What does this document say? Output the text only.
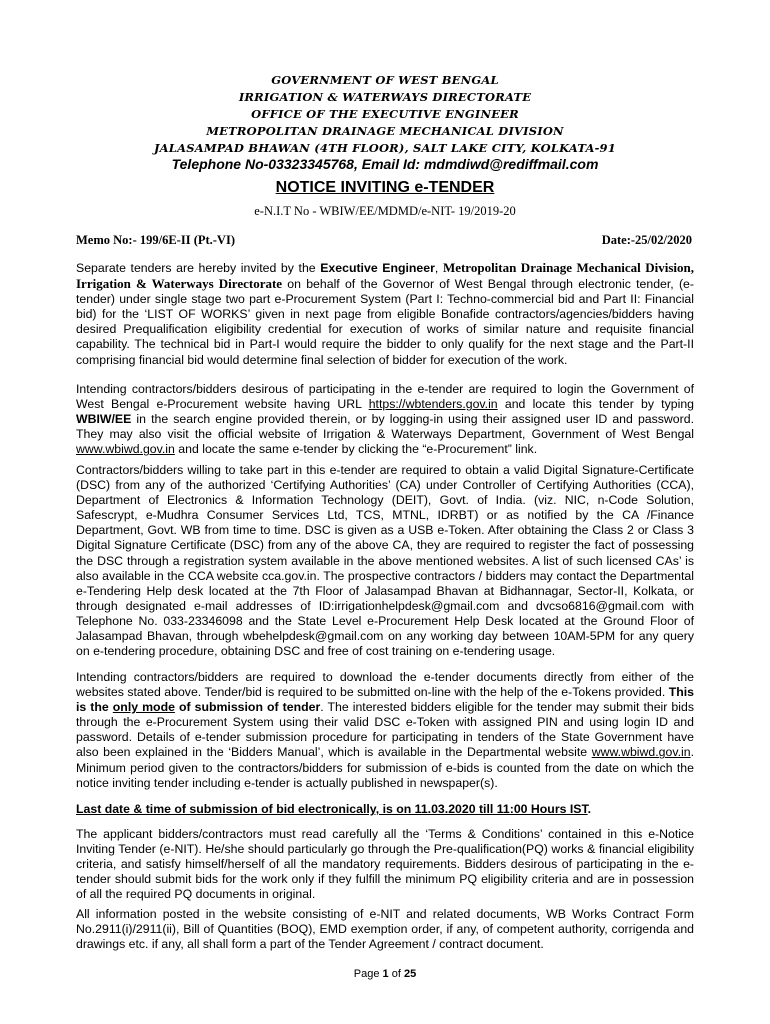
GOVERNMENT OF WEST BENGAL
IRRIGATION & WATERWAYS DIRECTORATE
OFFICE OF THE EXECUTIVE ENGINEER
METROPOLITAN DRAINAGE MECHANICAL DIVISION
JALASAMPAD BHAWAN (4TH FLOOR), SALT LAKE CITY, KOLKATA-91
Telephone No-03323345768, Email Id: mdmdiwd@rediffmail.com
NOTICE INVITING e-TENDER
e-N.I.T No - WBIW/EE/MDMD/e-NIT- 19/2019-20
Memo No:- 199/6E-II (Pt.-VI)	Date:-25/02/2020

Separate tenders are hereby invited by the Executive Engineer, Metropolitan Drainage Mechanical Division, Irrigation & Waterways Directorate on behalf of the Governor of West Bengal through electronic tender, (e-tender) under single stage two part e-Procurement System (Part I: Techno-commercial bid and Part II: Financial bid) for the ‘LIST OF WORKS’ given in next page from eligible Bonafide contractors/agencies/bidders having desired Prequalification eligibility credential for execution of works of similar nature and requisite financial capability. The technical bid in Part-I would require the bidder to only qualify for the next stage and the Part-II comprising financial bid would determine final selection of bidder for execution of the work.

Intending contractors/bidders desirous of participating in the e-tender are required to login the Government of West Bengal e-Procurement website having URL https://wbtenders.gov.in and locate this tender by typing WBIW/EE in the search engine provided therein, or by logging-in using their assigned user ID and password. They may also visit the official website of Irrigation & Waterways Department, Government of West Bengal www.wbiwd.gov.in and locate the same e-tender by clicking the “e-Procurement” link.

Contractors/bidders willing to take part in this e-tender are required to obtain a valid Digital Signature-Certificate (DSC) from any of the authorized ‘Certifying Authorities’ (CA) under Controller of Certifying Authorities (CCA), Department of Electronics & Information Technology (DEIT), Govt. of India. (viz. NIC, n-Code Solution, Safescrypt, e-Mudhra Consumer Services Ltd, TCS, MTNL, IDRBT) or as notified by the CA /Finance Department, Govt. WB from time to time. DSC is given as a USB e-Token. After obtaining the Class 2 or Class 3 Digital Signature Certificate (DSC) from any of the above CA, they are required to register the fact of possessing the DSC through a registration system available in the above mentioned websites. A list of such licensed CAs’ is also available in the CCA website cca.gov.in. The prospective contractors / bidders may contact the Departmental e-Tendering Help desk located at the 7th Floor of Jalasampad Bhavan at Bidhannagar, Sector-II, Kolkata, or through designated e-mail addresses of ID:irrigationhelpdesk@gmail.com and dvcso6816@gmail.com with Telephone No. 033-23346098 and the State Level e-Procurement Help Desk located at the Ground Floor of Jalasampad Bhavan, through wbehelpdesk@gmail.com on any working day between 10AM-5PM for any query on e-tendering procedure, obtaining DSC and free of cost training on e-tendering usage.

Intending contractors/bidders are required to download the e-tender documents directly from either of the websites stated above. Tender/bid is required to be submitted on-line with the help of the e-Tokens provided. This is the only mode of submission of tender. The interested bidders eligible for the tender may submit their bids through the e-Procurement System using their valid DSC e-Token with assigned PIN and using login ID and password. Details of e-tender submission procedure for participating in tenders of the State Government have also been explained in the ‘Bidders Manual’, which is available in the Departmental website www.wbiwd.gov.in. Minimum period given to the contractors/bidders for submission of e-bids is counted from the date on which the notice inviting tender including e-tender is actually published in newspaper(s).

Last date & time of submission of bid electronically, is on 11.03.2020 till 11:00 Hours IST.

The applicant bidders/contractors must read carefully all the ‘Terms & Conditions’ contained in this e-Notice Inviting Tender (e-NIT). He/she should particularly go through the Pre-qualification(PQ) works & financial eligibility criteria, and satisfy himself/herself of all the mandatory requirements. Bidders desirous of participating in the e-tender should submit bids for the work only if they fulfill the minimum PQ eligibility criteria and are in possession of all the required PQ documents in original.

All information posted in the website consisting of e-NIT and related documents, WB Works Contract Form No.2911(i)/2911(ii), Bill of Quantities (BOQ), EMD exemption order, if any, of competent authority, corrigenda and drawings etc. if any, all shall form a part of the Tender Agreement / contract document.

Page 1 of 25
